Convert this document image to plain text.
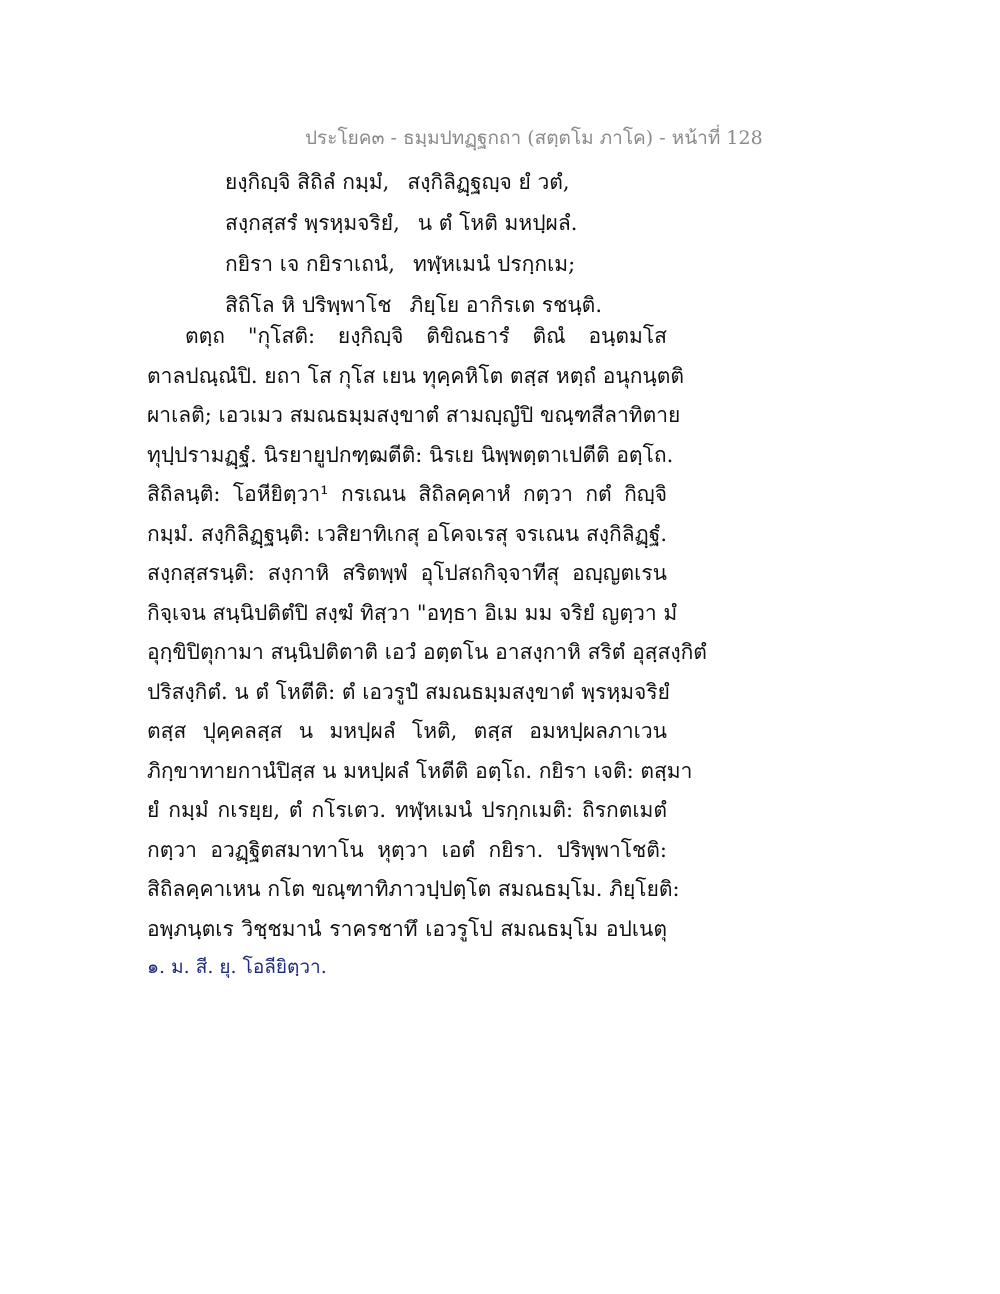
ประโยค๓ - ธมฺมปทฏฺฐกถา (สตฺตโม ภาโค) - หน้าที่ 128
ยงฺกิญฺจิ สิถิลํ กมฺมํ, สงฺกิลิฏฺฐญฺจ ยํ วตํ,
สงฺกสฺสรํ พฺรหฺมจริยํ, น ตํ โหติ มหปฺผลํ.
กยิรา เจ กยิราเถนํ, ทฬฺหเมนํ ปรกฺกเม;
สิถิโล หิ ปริพฺพาโช ภิยฺโย อากิรเต รชนฺติ.
ตตฺถ "กุโสติ: ยงฺกิญฺจิ ติขิณธารํ ติณํ อนฺตมโส
ตาลปณฺณํปิ. ยถา โส กุโส เยน ทุคฺคหิโต ตสฺส หตฺถํ อนุกนฺตติ
ผาเลติ; เอวเมว สมณธมฺมสงฺขาตํ สามญฺญํปิ ขณฺฑสีลาทิตาย
ทุปฺปรามฏฺฐํ. นิรยายูปกฑฺฒตีติ: นิรเย นิพฺพตฺตาเปตีติ อตฺโถ.
สิถิลนฺติ: โอหียิตฺวา¹ กรเณน สิถิลคฺคาหํ กตฺวา กตํ กิญฺจิ
กมฺมํ. สงฺกิลิฏฺฐนฺติ: เวสิยาทิเกสุ อโคจเรสุ จรเณน สงฺกิลิฏฺฐํ.
สงฺกสฺสรนฺติ: สงฺกาหิ สริตพฺพํ อุโปสถกิจฺจาทีสุ อญฺญตเรน
กิจฺเจน สนฺนิปติตํปิ สงฺฆํ ทิสฺวา "อทฺธา อิเม มม จริยํ ญตฺวา มํ
อุกฺขิปิตุกามา สนฺนิปติตาติ เอวํ อตฺตโน อาสงฺกาหิ สริตํ อุสฺสงฺกิตํ
ปริสงฺกิตํ. น ตํ โหตีติ: ตํ เอวรูปํ สมณธมฺมสงฺขาตํ พฺรหฺมจริยํ
ตสฺส ปุคฺคลสฺส น มหปฺผลํ โหติ, ตสฺส อมหปฺผลภาเวน
ภิกฺขาทายกานํปิสฺส น มหปฺผลํ โหตีติ อตฺโถ. กยิรา เจติ: ตสฺมา
ยํ กมฺมํ กเรยฺย, ตํ กโรเตว. ทฬฺหเมนํ ปรกฺกเมติ: ถิรกตเมตํ
กตฺวา อวฏฺฐิตสมาทาโน หุตฺวา เอตํ กยิรา. ปริพฺพาโชติ:
สิถิลคฺคาเหน กโต ขณฺฑาทิภาวปฺปตฺโต สมณธมฺโม. ภิยฺโยติ:
อพฺภนฺตเร วิชฺชมานํ ราครชาทึ เอวรูโป สมณธมฺโม อปเนตุ
๑. ม. สี. ยุ. โอลียิตฺวา.
